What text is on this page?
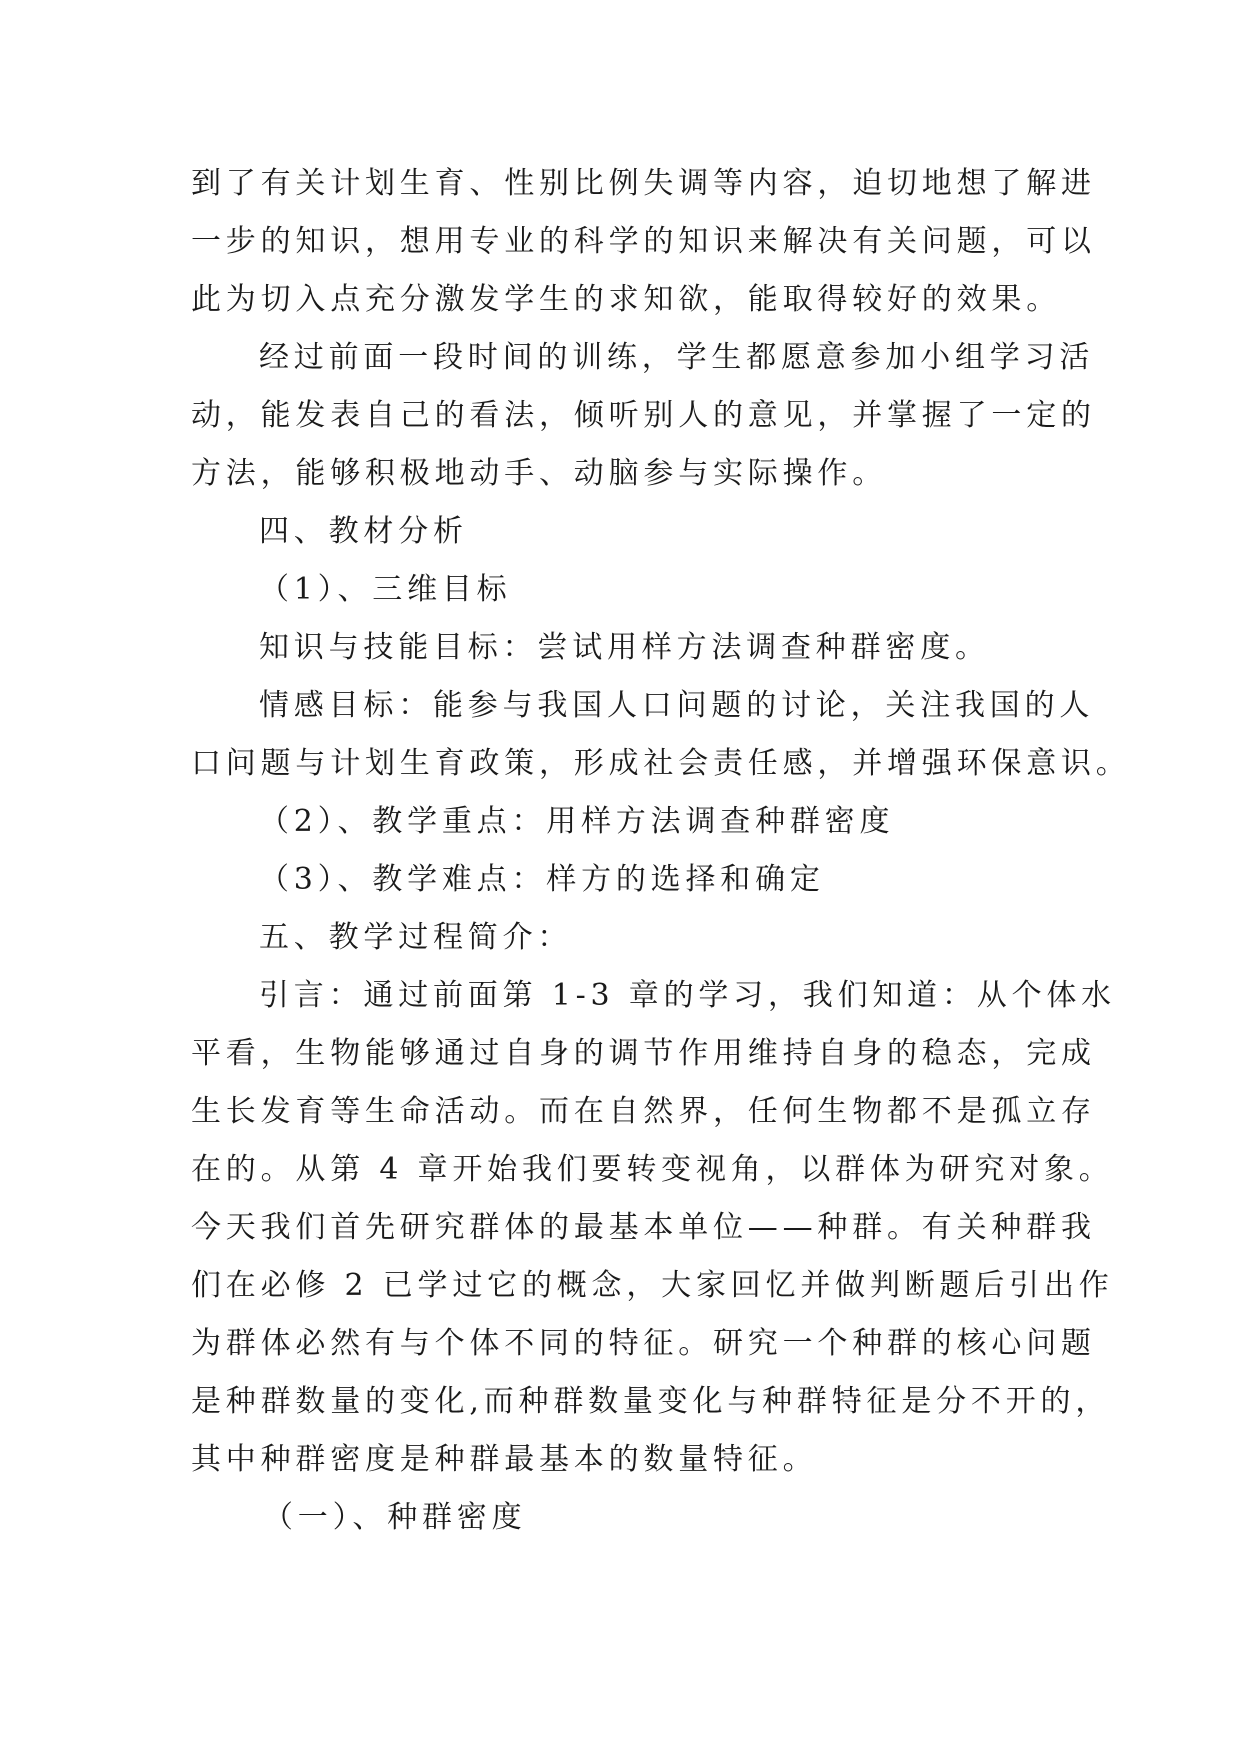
到了有关计划生育、性别比例失调等内容，迫切地想了解进
一步的知识，想用专业的科学的知识来解决有关问题，可以
此为切入点充分激发学生的求知欲，能取得较好的效果。
经过前面一段时间的训练，学生都愿意参加小组学习活
动，能发表自己的看法，倾听别人的意见，并掌握了一定的
方法，能够积极地动手、动脑参与实际操作。
四、教材分析
（1）、三维目标
知识与技能目标：尝试用样方法调查种群密度。
情感目标：能参与我国人口问题的讨论，关注我国的人
口问题与计划生育政策，形成社会责任感，并增强环保意识。
（2）、教学重点：用样方法调查种群密度
（3）、教学难点：样方的选择和确定
五、教学过程简介：
引言：通过前面第 1-3 章的学习，我们知道：从个体水
平看，生物能够通过自身的调节作用维持自身的稳态，完成
生长发育等生命活动。而在自然界，任何生物都不是孤立存
在的。从第 4 章开始我们要转变视角，以群体为研究对象。
今天我们首先研究群体的最基本单位——种群。有关种群我
们在必修 2 已学过它的概念，大家回忆并做判断题后引出作
为群体必然有与个体不同的特征。研究一个种群的核心问题
是种群数量的变化,而种群数量变化与种群特征是分不开的，
其中种群密度是种群最基本的数量特征。
（一）、种群密度
